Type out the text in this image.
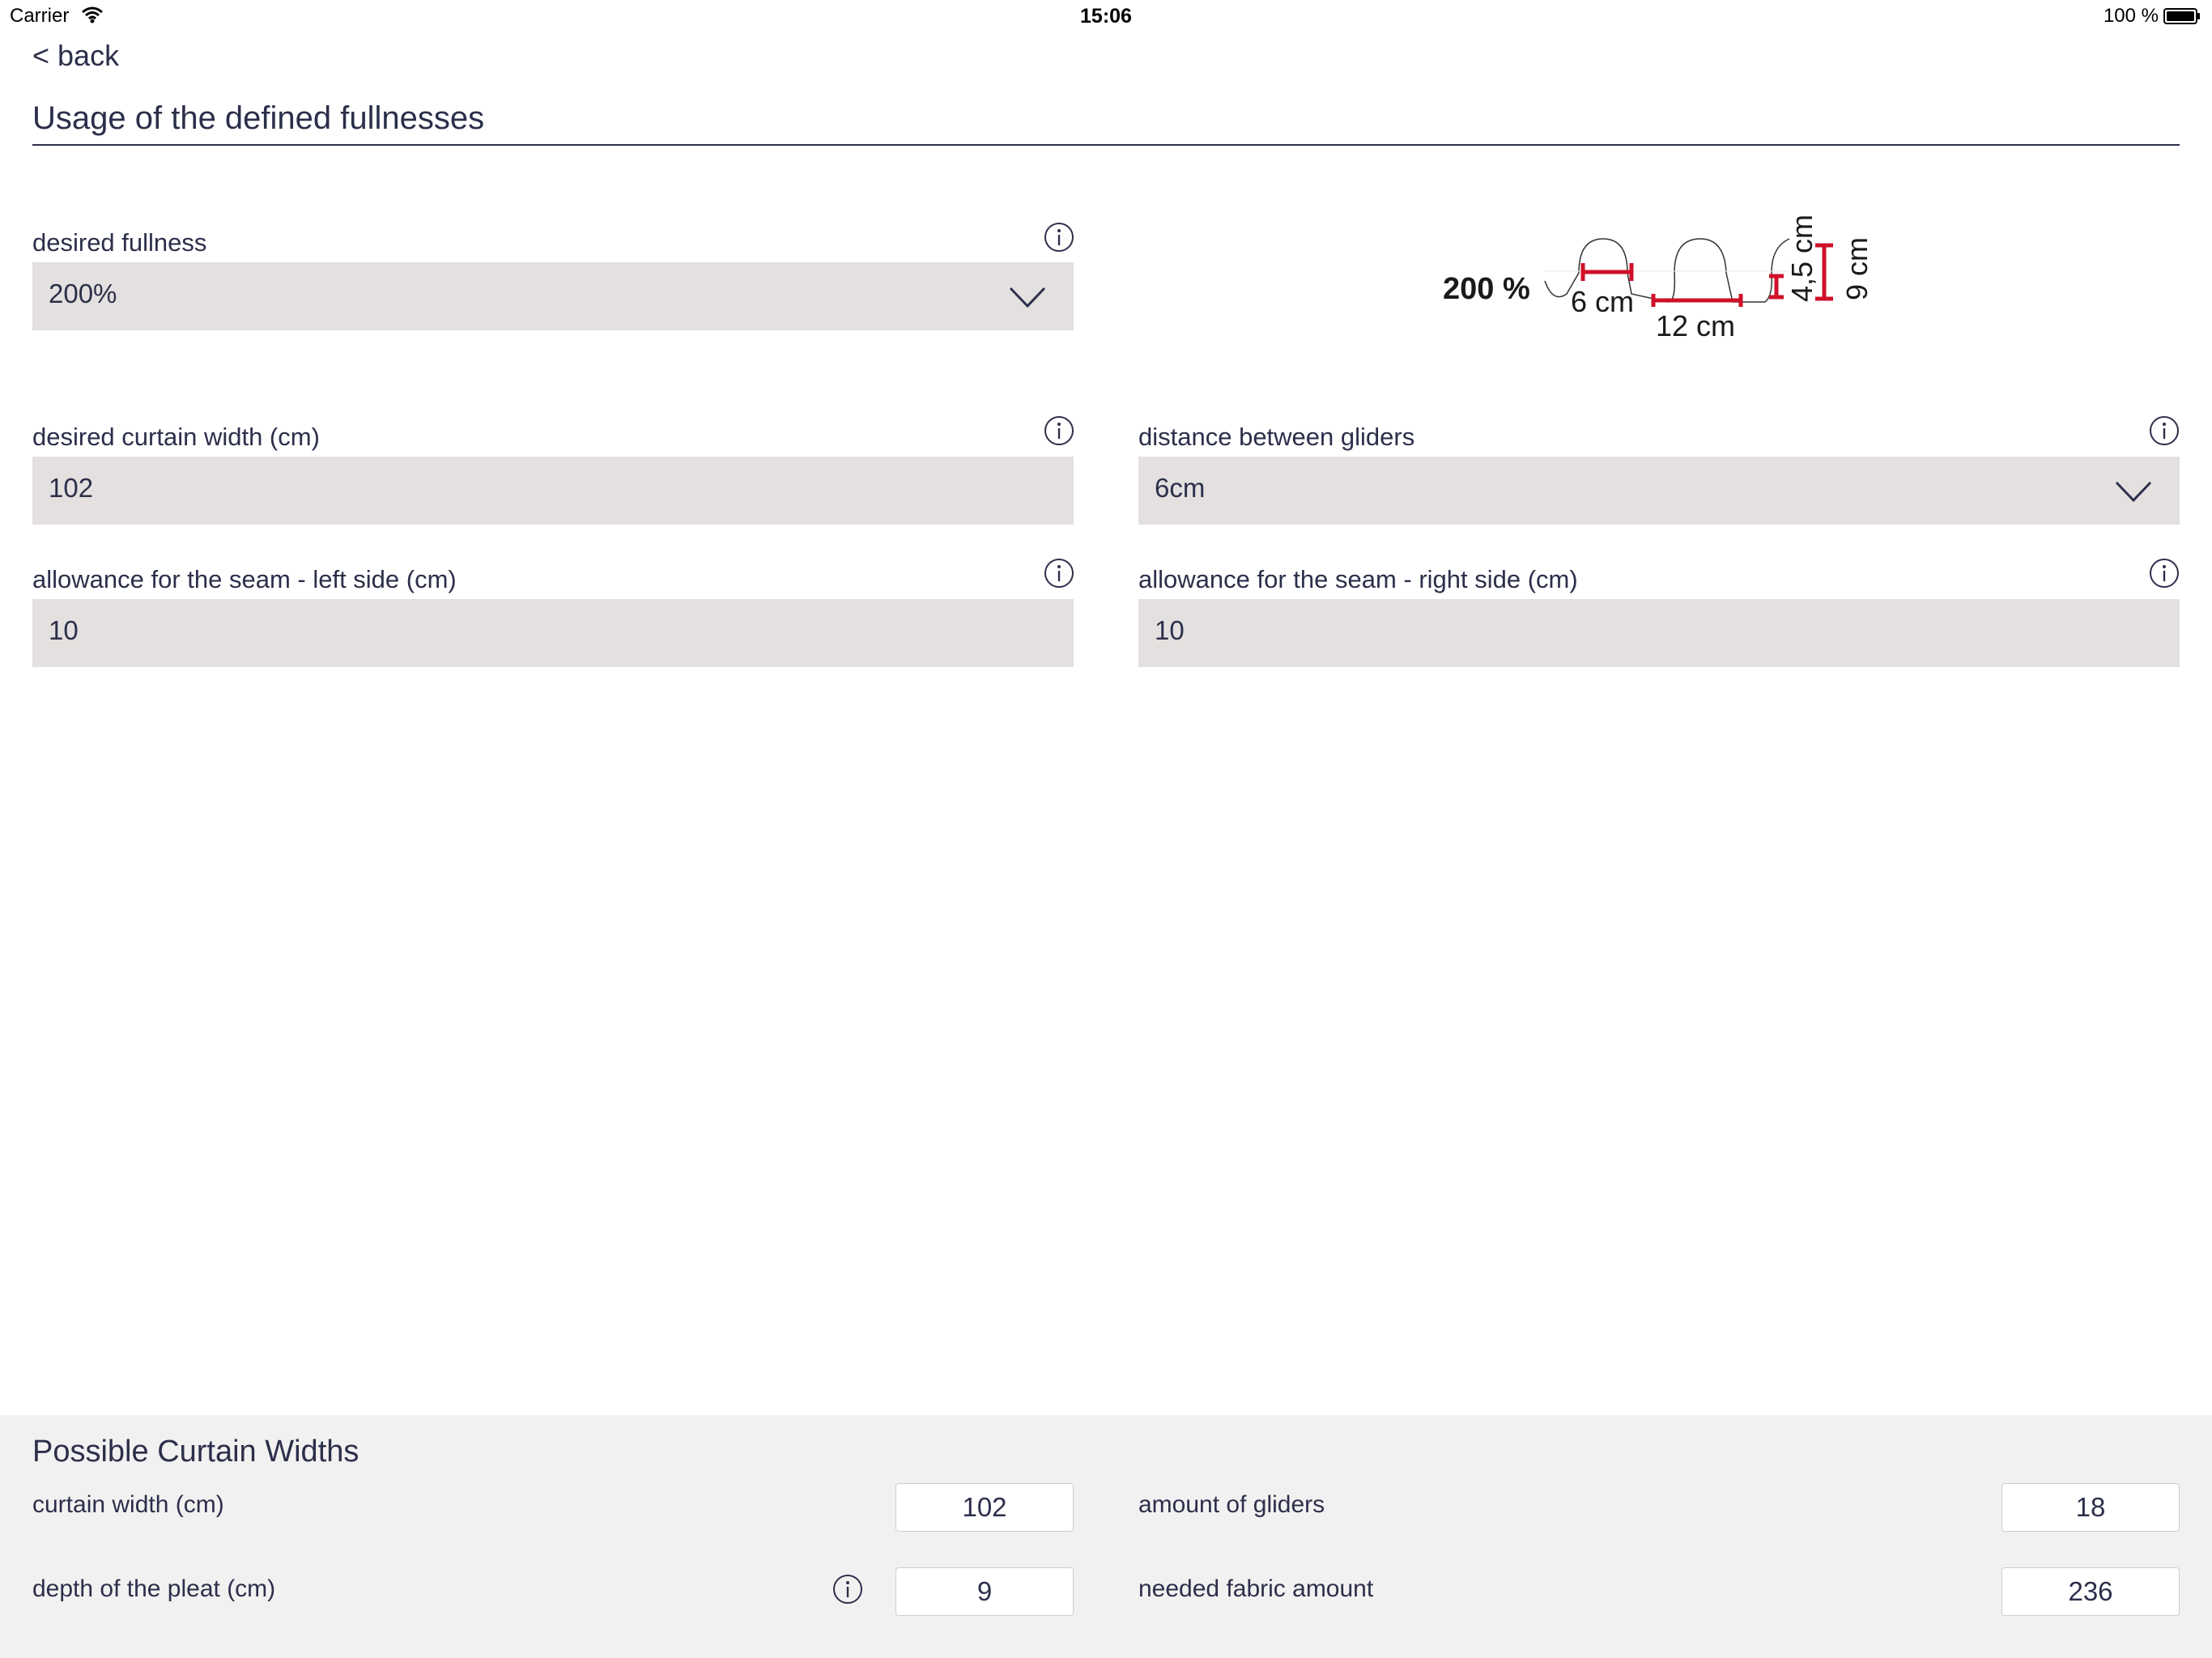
Carrier	15:06	100 %
< back
Usage of the defined fullnesses
desired fullness
200%	200 % 6 cm
12 cm
4,5 cm 9 cm
desired curtain width (cm)
102
distance between gliders
6cm
allowance for the seam - left side (cm)
10
allowance for the seam - right side (cm)
10
Possible Curtain Widths
curtain width (cm)	102
depth of the pleat (cm)	9
amount of gliders	18
needed fabric amount	236
